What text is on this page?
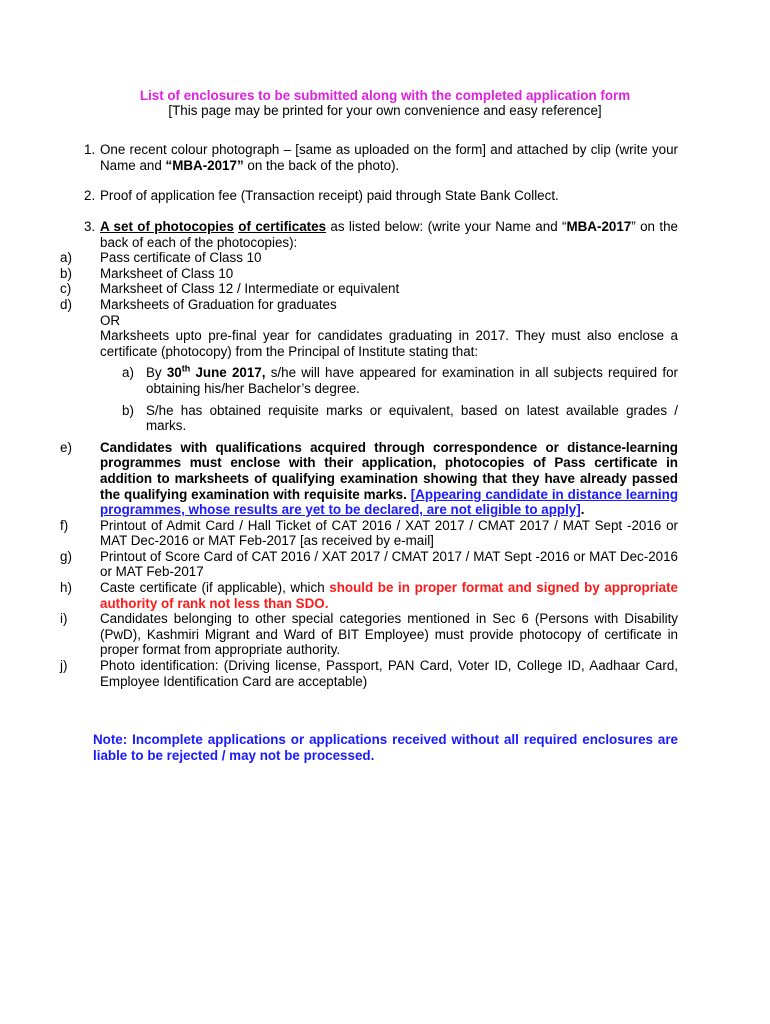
List of enclosures to be submitted along with the completed application form
[This page may be printed for your own convenience and easy reference]
1. One recent colour photograph – [same as uploaded on the form] and attached by clip (write your Name and “MBA-2017” on the back of the photo).
2. Proof of application fee (Transaction receipt) paid through State Bank Collect.
3. A set of photocopies of certificates as listed below: (write your Name and “MBA-2017” on the back of each of the photocopies):
a) Pass certificate of Class 10
b) Marksheet of Class 10
c) Marksheet of Class 12 / Intermediate or equivalent
d) Marksheets of Graduation for graduates
OR
Marksheets upto pre-final year for candidates graduating in 2017. They must also enclose a certificate (photocopy) from the Principal of Institute stating that:
a) By 30th June 2017, s/he will have appeared for examination in all subjects required for obtaining his/her Bachelor’s degree.
b) S/he has obtained requisite marks or equivalent, based on latest available grades / marks.
e) Candidates with qualifications acquired through correspondence or distance-learning programmes must enclose with their application, photocopies of Pass certificate in addition to marksheets of qualifying examination showing that they have already passed the qualifying examination with requisite marks. [Appearing candidate in distance learning programmes, whose results are yet to be declared, are not eligible to apply].
f) Printout of Admit Card / Hall Ticket of CAT 2016 / XAT 2017 / CMAT 2017 / MAT Sept -2016 or MAT Dec-2016 or MAT Feb-2017 [as received by e-mail]
g) Printout of Score Card of CAT 2016 / XAT 2017 / CMAT 2017 / MAT Sept -2016 or MAT Dec-2016 or MAT Feb-2017
h) Caste certificate (if applicable), which should be in proper format and signed by appropriate authority of rank not less than SDO.
i) Candidates belonging to other special categories mentioned in Sec 6 (Persons with Disability (PwD), Kashmiri Migrant and Ward of BIT Employee) must provide photocopy of certificate in proper format from appropriate authority.
j) Photo identification: (Driving license, Passport, PAN Card, Voter ID, College ID, Aadhaar Card, Employee Identification Card are acceptable)
Note: Incomplete applications or applications received without all required enclosures are liable to be rejected / may not be processed.
